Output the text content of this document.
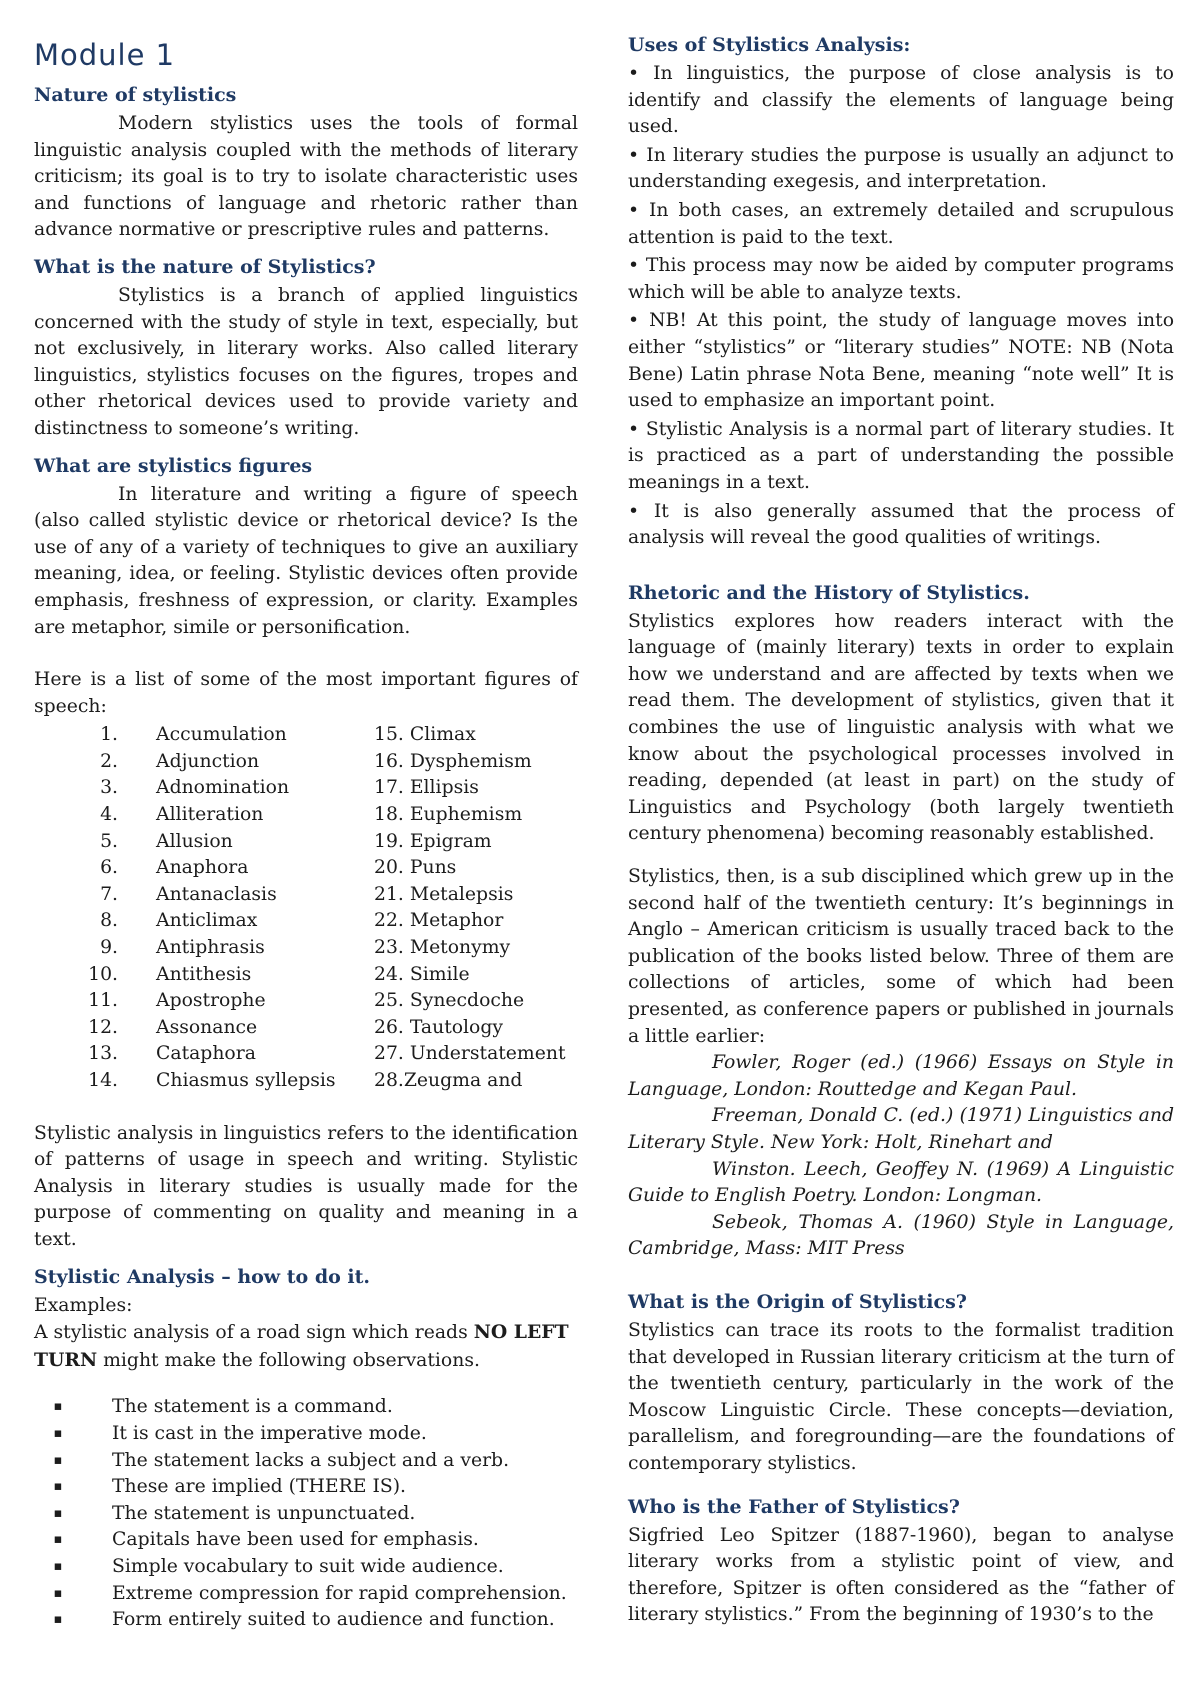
Module 1
Nature of stylistics

Modern stylistics uses the tools of formal linguistic analysis coupled with the methods of literary criticism; its goal is to try to isolate characteristic uses and functions of language and rhetoric rather than advance normative or prescriptive rules and patterns.

What is the nature of Stylistics?

Stylistics is a branch of applied linguistics concerned with the study of style in text, especially, but not exclusively, in literary works. Also called literary linguistics, stylistics focuses on the figures, tropes and other rhetorical devices used to provide variety and distinctness to someone’s writing.

What are stylistics figures

In literature and writing a figure of speech (also called stylistic device or rhetorical device? Is the use of any of a variety of techniques to give an auxiliary meaning, idea, or feeling. Stylistic devices often provide emphasis, freshness of expression, or clarity. Examples are metaphor, simile or personification.

Here is a list of some of the most important figures of speech:

1.	Accumulation
2.	Adjunction
3.	Adnomination
4.	Alliteration
5.	Allusion
6.	Anaphora
7.	Antanaclasis
8.	Anticlimax
9.	Antiphrasis
10.	Antithesis
11.	Apostrophe
12.	Assonance
13.	Cataphora
14.	Chiasmus syllepsis
15. Climax
16. Dysphemism
17. Ellipsis
18. Euphemism
19. Epigram
20. Puns
21. Metalepsis
22. Metaphor
23. Metonymy
24. Simile
25. Synecdoche
26. Tautology
27. Understatement
28.Zeugma and

Stylistic analysis in linguistics refers to the identification of patterns of usage in speech and writing. Stylistic Analysis in literary studies is usually made for the purpose of commenting on quality and meaning in a text.

Stylistic Analysis – how to do it.

Examples:

A stylistic analysis of a road sign which reads NO LEFT TURN might make the following observations.

▪	The statement is a command.
▪	It is cast in the imperative mode.
▪	The statement lacks a subject and a verb.
▪	These are implied (THERE IS).
▪	The statement is unpunctuated.
▪	Capitals have been used for emphasis.
▪	Simple vocabulary to suit wide audience.
▪	Extreme compression for rapid comprehension.
▪	Form entirely suited to audience and function.
Uses of Stylistics Analysis:

• In linguistics, the purpose of close analysis is to identify and classify the elements of language being used.

• In literary studies the purpose is usually an adjunct to understanding exegesis, and interpretation.

• In both cases, an extremely detailed and scrupulous attention is paid to the text.

• This process may now be aided by computer programs which will be able to analyze texts.

• NB! At this point, the study of language moves into either “stylistics” or “literary studies” NOTE: NB (Nota Bene) Latin phrase Nota Bene, meaning “note well” It is used to emphasize an important point.

• Stylistic Analysis is a normal part of literary studies. It is practiced as a part of understanding the possible meanings in a text.

• It is also generally assumed that the process of analysis will reveal the good qualities of writings.

Rhetoric and the History of Stylistics.

Stylistics explores how readers interact with the language of (mainly literary) texts in order to explain how we understand and are affected by texts when we read them. The development of stylistics, given that it combines the use of linguistic analysis with what we know about the psychological processes involved in reading, depended (at least in part) on the study of Linguistics and Psychology (both largely twentieth century phenomena) becoming reasonably established.

Stylistics, then, is a sub disciplined which grew up in the second half of the twentieth century: It’s beginnings in Anglo – American criticism is usually traced back to the publication of the books listed below. Three of them are collections of articles, some of which had been presented, as conference papers or published in journals a little earlier:

Fowler, Roger (ed.) (1966) Essays on Style in Language, London: Routtedge and Kegan Paul.

Freeman, Donald C. (ed.) (1971) Linguistics and Literary Style. New York: Holt, Rinehart and

Winston. Leech, Geoffey N. (1969) A Linguistic Guide to English Poetry. London: Longman.

Sebeok, Thomas A. (1960) Style in Language, Cambridge, Mass: MIT Press

What is the Origin of Stylistics?

Stylistics can trace its roots to the formalist tradition that developed in Russian literary criticism at the turn of the twentieth century, particularly in the work of the Moscow Linguistic Circle. These concepts—deviation, parallelism, and foregrounding—are the foundations of contemporary stylistics.

Who is the Father of Stylistics?

Sigfried Leo Spitzer (1887-1960), began to analyse literary works from a stylistic point of view, and therefore, Spitzer is often considered as the “father of literary stylistics.” From the beginning of 1930’s to the
